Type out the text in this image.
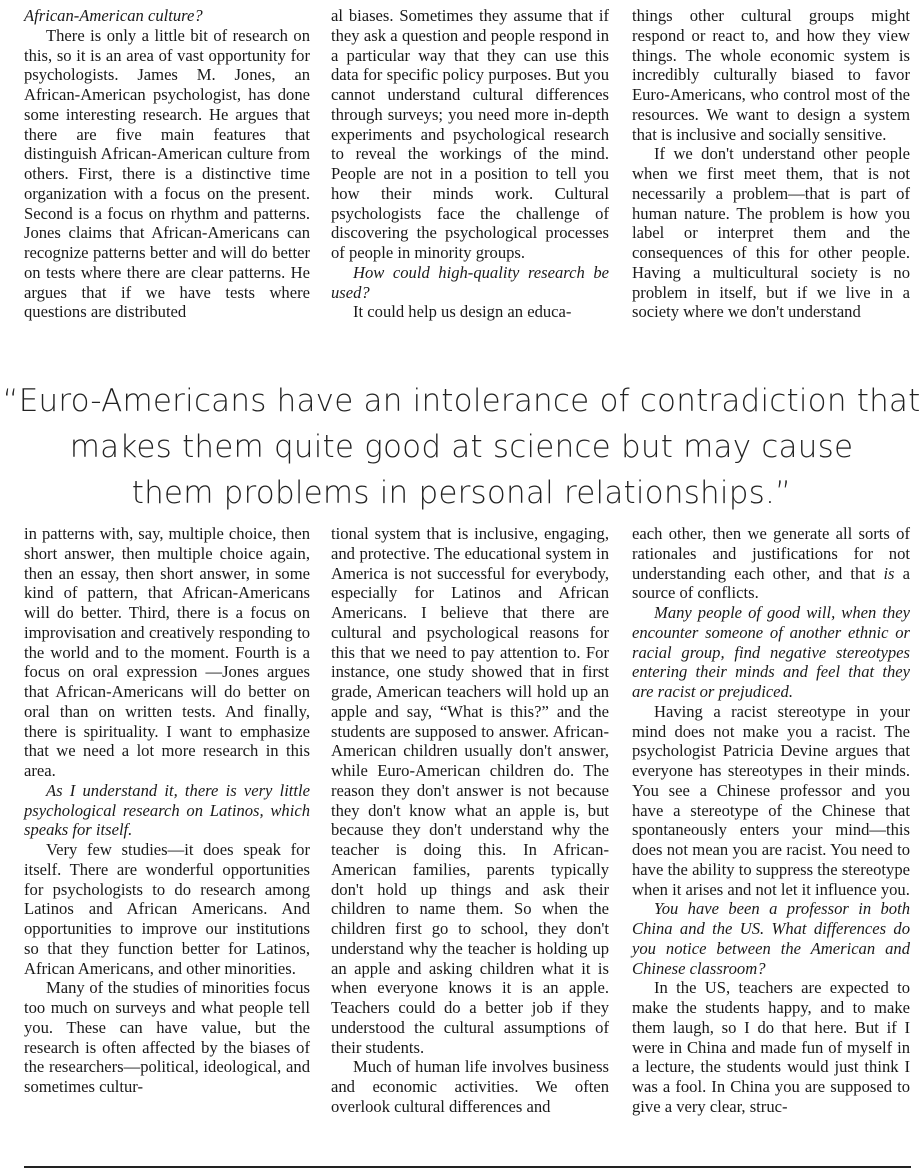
African-American culture?

There is only a little bit of research on this, so it is an area of vast opportunity for psychologists. James M. Jones, an African-American psychologist, has done some interesting research. He argues that there are five main features that distinguish African-American culture from others. First, there is a distinctive time organization with a focus on the present. Second is a focus on rhythm and patterns. Jones claims that African-Americans can recognize patterns better and will do better on tests where there are clear patterns. He argues that if we have tests where questions are distributed

al biases. Sometimes they assume that if they ask a question and people respond in a particular way that they can use this data for specific policy purposes. But you cannot understand cultural differences through surveys; you need more in-depth experiments and psychological research to reveal the workings of the mind. People are not in a position to tell you how their minds work. Cultural psychologists face the challenge of discovering the psychological processes of people in minority groups.

How could high-quality research be used?

It could help us design an educa-

things other cultural groups might respond or react to, and how they view things. The whole economic system is incredibly culturally biased to favor Euro-Americans, who control most of the resources. We want to design a system that is inclusive and socially sensitive.

If we don't understand other people when we first meet them, that is not necessarily a problem—that is part of human nature. The problem is how you label or interpret them and the consequences of this for other people. Having a multicultural society is no problem in itself, but if we live in a society where we don't understand

“Euro-Americans have an intolerance of contradiction that
makes them quite good at science but may cause
them problems in personal relationships.”

in patterns with, say, multiple choice, then short answer, then multiple choice again, then an essay, then short answer, in some kind of pattern, that African-Americans will do better. Third, there is a focus on improvisation and creatively responding to the world and to the moment. Fourth is a focus on oral expression —Jones argues that African-Americans will do better on oral than on written tests. And finally, there is spirituality. I want to emphasize that we need a lot more research in this area.

As I understand it, there is very little psychological research on Latinos, which speaks for itself.

Very few studies—it does speak for itself. There are wonderful opportunities for psychologists to do research among Latinos and African Americans. And opportunities to improve our institutions so that they function better for Latinos, African Americans, and other minorities.

Many of the studies of minorities focus too much on surveys and what people tell you. These can have value, but the research is often affected by the biases of the researchers—political, ideological, and sometimes cultur-

tional system that is inclusive, engaging, and protective. The educational system in America is not successful for everybody, especially for Latinos and African Americans. I believe that there are cultural and psychological reasons for this that we need to pay attention to. For instance, one study showed that in first grade, American teachers will hold up an apple and say, “What is this?” and the students are supposed to answer. African-American children usually don't answer, while Euro-American children do. The reason they don't answer is not because they don't know what an apple is, but because they don't understand why the teacher is doing this. In African-American families, parents typically don't hold up things and ask their children to name them. So when the children first go to school, they don't understand why the teacher is holding up an apple and asking children what it is when everyone knows it is an apple. Teachers could do a better job if they understood the cultural assumptions of their students.

Much of human life involves business and economic activities. We often overlook cultural differences and

each other, then we generate all sorts of rationales and justifications for not understanding each other, and that is a source of conflicts.

Many people of good will, when they encounter someone of another ethnic or racial group, find negative stereotypes entering their minds and feel that they are racist or prejudiced.

Having a racist stereotype in your mind does not make you a racist. The psychologist Patricia Devine argues that everyone has stereotypes in their minds. You see a Chinese professor and you have a stereotype of the Chinese that spontaneously enters your mind—this does not mean you are racist. You need to have the ability to suppress the stereotype when it arises and not let it influence you.

You have been a professor in both China and the US. What differences do you notice between the American and Chinese classroom?

In the US, teachers are expected to make the students happy, and to make them laugh, so I do that here. But if I were in China and made fun of myself in a lecture, the students would just think I was a fool. In China you are supposed to give a very clear, struc-
